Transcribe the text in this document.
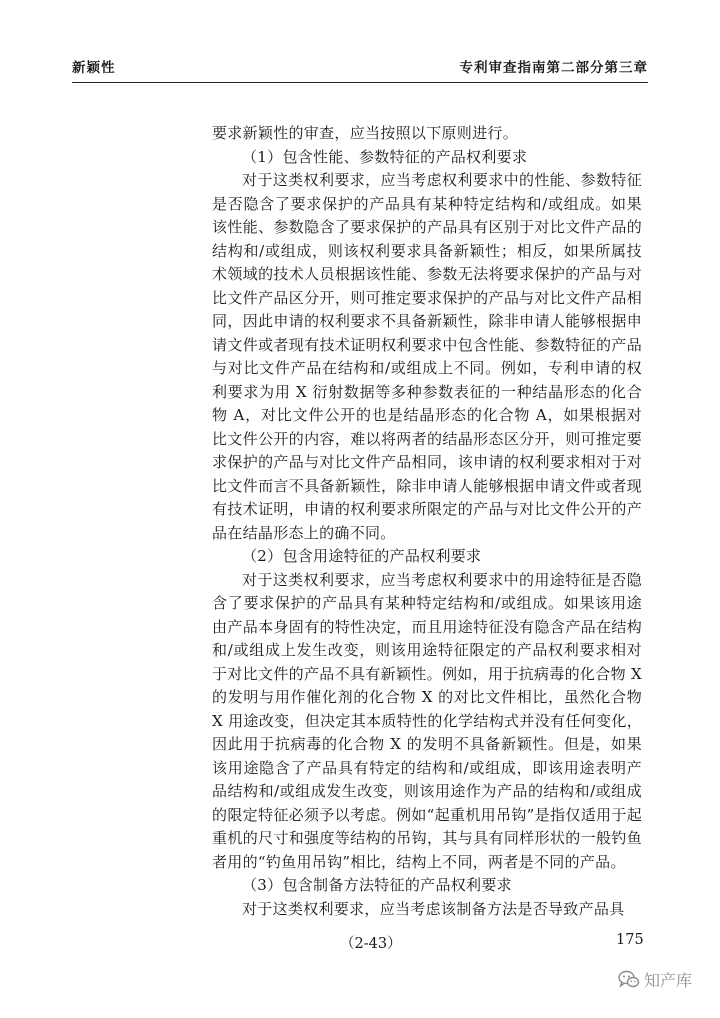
新颖性	专利审查指南第二部分第三章

要求新颖性的审查，应当按照以下原则进行。

（1）包含性能、参数特征的产品权利要求

对于这类权利要求，应当考虑权利要求中的性能、参数特征是否隐含了要求保护的产品具有某种特定结构和/或组成。如果该性能、参数隐含了要求保护的产品具有区别于对比文件产品的结构和/或组成，则该权利要求具备新颖性；相反，如果所属技术领域的技术人员根据该性能、参数无法将要求保护的产品与对比文件产品区分开，则可推定要求保护的产品与对比文件产品相同，因此申请的权利要求不具备新颖性，除非申请人能够根据申请文件或者现有技术证明权利要求中包含性能、参数特征的产品与对比文件产品在结构和/或组成上不同。例如，专利申请的权利要求为用 X 衍射数据等多种参数表征的一种结晶形态的化合物 A，对比文件公开的也是结晶形态的化合物 A，如果根据对比文件公开的内容，难以将两者的结晶形态区分开，则可推定要求保护的产品与对比文件产品相同，该申请的权利要求相对于对比文件而言不具备新颖性，除非申请人能够根据申请文件或者现有技术证明，申请的权利要求所限定的产品与对比文件公开的产品在结晶形态上的确不同。

（2）包含用途特征的产品权利要求

对于这类权利要求，应当考虑权利要求中的用途特征是否隐含了要求保护的产品具有某种特定结构和/或组成。如果该用途由产品本身固有的特性决定，而且用途特征没有隐含产品在结构和/或组成上发生改变，则该用途特征限定的产品权利要求相对于对比文件的产品不具有新颖性。例如，用于抗病毒的化合物 X 的发明与用作催化剂的化合物 X 的对比文件相比，虽然化合物 X 用途改变，但决定其本质特性的化学结构式并没有任何变化，因此用于抗病毒的化合物 X 的发明不具备新颖性。但是，如果该用途隐含了产品具有特定的结构和/或组成，即该用途表明产品结构和/或组成发生改变，则该用途作为产品的结构和/或组成的限定特征必须予以考虑。例如“起重机用吊钩”是指仅适用于起重机的尺寸和强度等结构的吊钩，其与具有同样形状的一般钓鱼者用的“钓鱼用吊钩”相比，结构上不同，两者是不同的产品。

（3）包含制备方法特征的产品权利要求

对于这类权利要求，应当考虑该制备方法是否导致产品具

（2-43）	175
知产库
